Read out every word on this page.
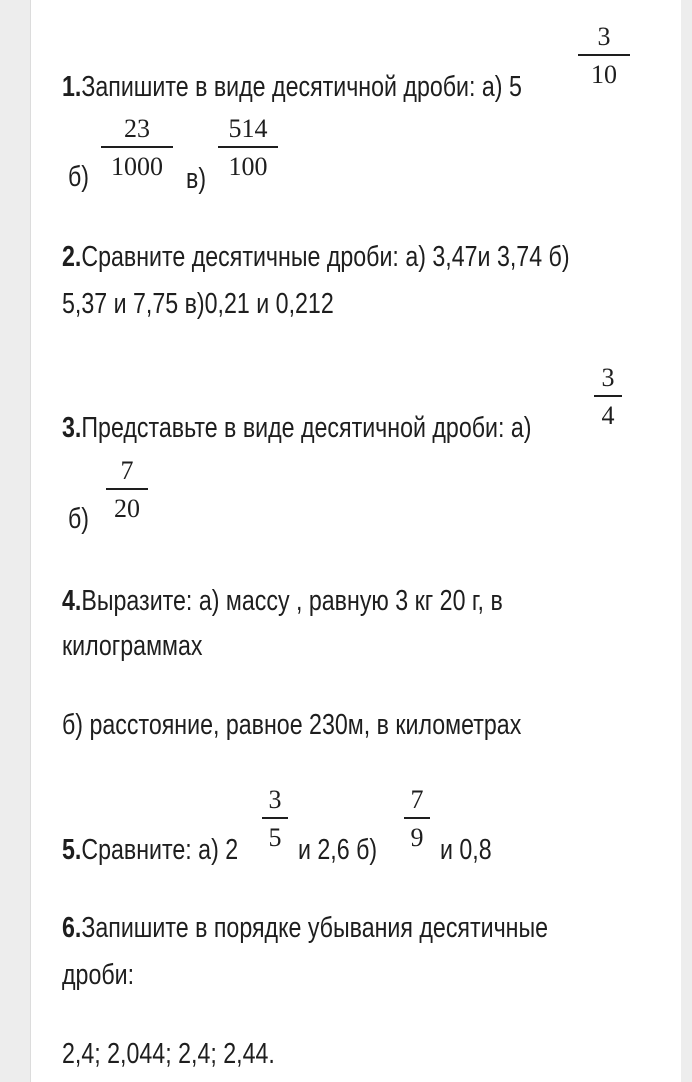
1.Запишите в виде десятичной дроби: а) 5

3
10

б)

23
1000 в)

514
100

2.Сравните десятичные дроби: а) 3,47и 3,74 б)

5,37 и 7,75 в)0,21 и 0,212

3.Представьте в виде десятичной дроби: а)

3
4

б)

7
20

4.Выразите: а) массу , равную 3 кг 20 г, в

килограммах

б) расстояние, равное 230м, в километрах

5.Сравните: а) 2

3
5 и 2,6 б)

7
9 и 0,8

6.Запишите в порядке убывания десятичные

дроби:

2,4; 2,044; 2,4; 2,44.
